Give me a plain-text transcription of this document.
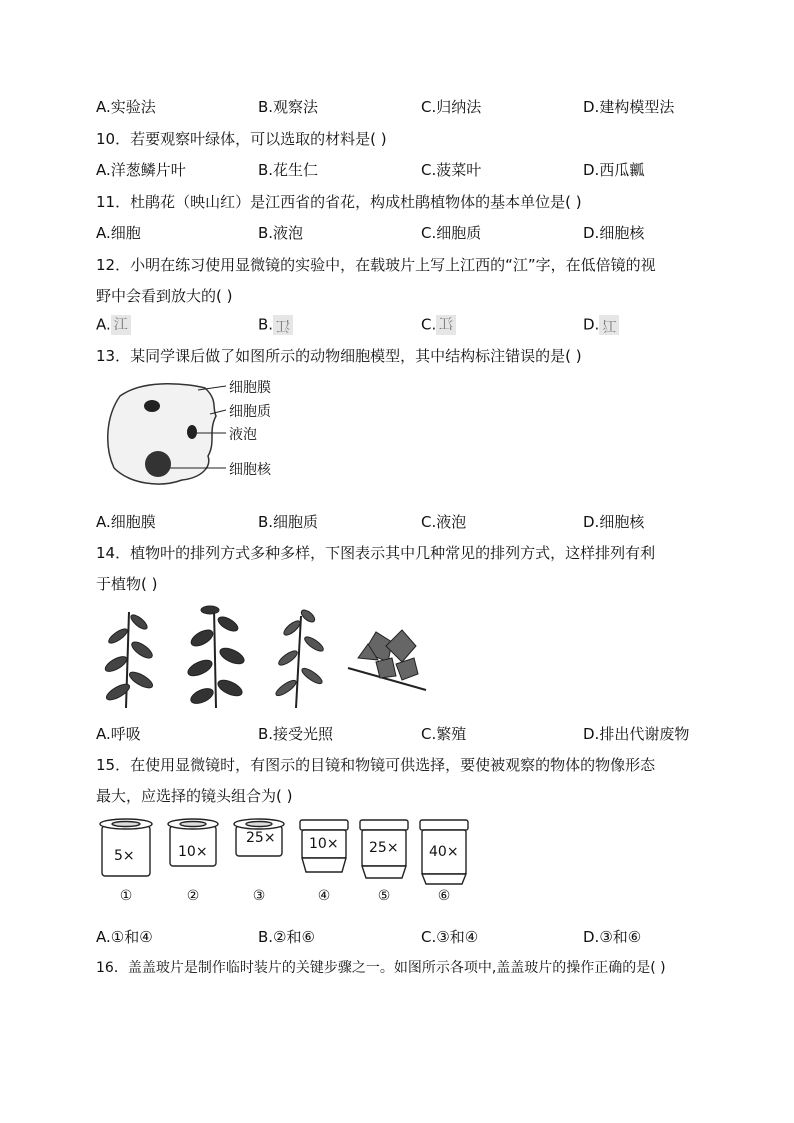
A.实验法	B.观察法	C.归纳法	D.建构模型法
10．若要观察叶绿体，可以选取的材料是( )
A.洋葱鳞片叶	B.花生仁	C.菠菜叶	D.西瓜瓤
11．杜鹃花（映山红）是江西省的省花，构成杜鹃植物体的基本单位是( )
A.细胞	B.液泡	C.细胞质	D.细胞核
12．小明在练习使用显微镜的实验中，在载玻片上写上江西的“江”字，在低倍镜的视
野中会看到放大的( )
A. 江	B. 江	C. 江	D. 江
13．某同学课后做了如图所示的动物细胞模型，其中结构标注错误的是( )
细胞膜
细胞质
液泡
细胞核
A.细胞膜	B.细胞质	C.液泡	D.细胞核
14．植物叶的排列方式多种多样，下图表示其中几种常见的排列方式，这样排列有利
于植物( )
A.呼吸	B.接受光照	C.繁殖	D.排出代谢废物
15．在使用显微镜时，有图示的目镜和物镜可供选择，要使被观察的物体的物像形态
最大，应选择的镜头组合为( )
5×	10×
25× 10× 25× 40×
①	②	③	④	⑤	⑥
A.①和④	B.②和⑥	C.③和④	D.③和⑥
16．盖盖玻片是制作临时装片的关键步骤之一。如图所示各项中,盖盖玻片的操作正确的是( )
